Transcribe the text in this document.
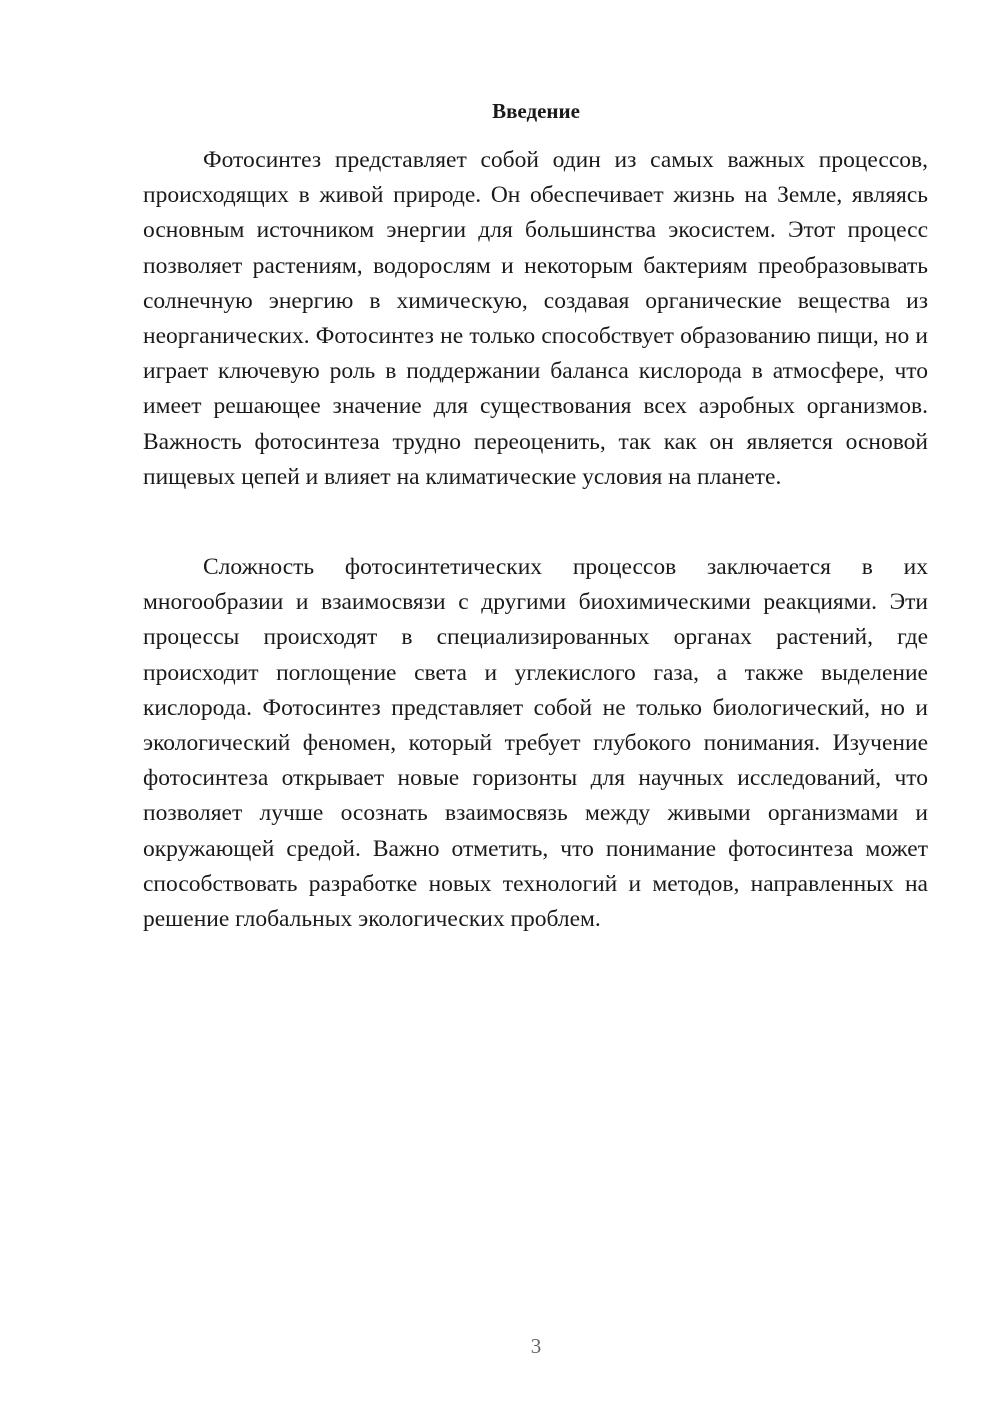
Введение

Фотосинтез представляет собой один из самых важных процессов, происходящих в живой природе. Он обеспечивает жизнь на Земле, являясь основным источником энергии для большинства экосистем. Этот процесс позволяет растениям, водорослям и некоторым бактериям преобразовывать солнечную энергию в химическую, создавая органические вещества из неорганических. Фотосинтез не только способствует образованию пищи, но и играет ключевую роль в поддержании баланса кислорода в атмосфере, что имеет решающее значение для существования всех аэробных организмов. Важность фотосинтеза трудно переоценить, так как он является основой пищевых цепей и влияет на климатические условия на планете.

Сложность фотосинтетических процессов заключается в их многообразии и взаимосвязи с другими биохимическими реакциями. Эти процессы происходят в специализированных органах растений, где происходит поглощение света и углекислого газа, а также выделение кислорода. Фотосинтез представляет собой не только биологический, но и экологический феномен, который требует глубокого понимания. Изучение фотосинтеза открывает новые горизонты для научных исследований, что позволяет лучше осознать взаимосвязь между живыми организмами и окружающей средой. Важно отметить, что понимание фотосинтеза может способствовать разработке новых технологий и методов, направленных на решение глобальных экологических проблем.

3
